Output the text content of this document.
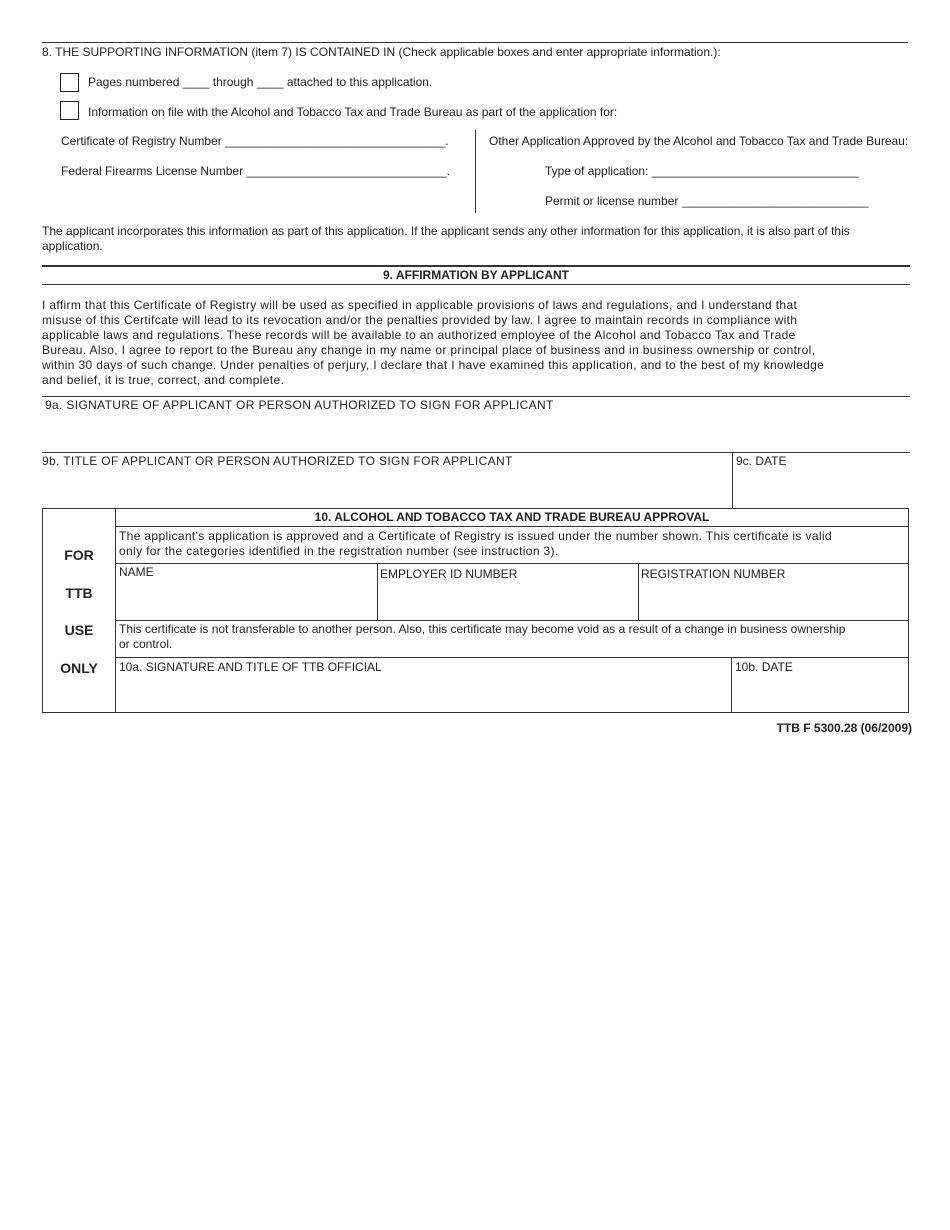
8. THE SUPPORTING INFORMATION (item 7) IS CONTAINED IN (Check applicable boxes and enter appropriate information.):
Pages numbered ____ through ____ attached to this application.
Information on file with the Alcohol and Tobacco Tax and Trade Bureau as part of the application for:
Certificate of Registry Number _________________________________.
Federal Firearms License Number ______________________________.
Other Application Approved by the Alcohol and Tobacco Tax and Trade Bureau:
Type of application: _______________________________
Permit or license number ____________________________
The applicant incorporates this information as part of this application. If the applicant sends any other information for this application, it is also part of this application.
9. AFFIRMATION BY APPLICANT
I affirm that this Certificate of Registry will be used as specified in applicable provisions of laws and regulations, and I understand that
misuse of this Certifcate will lead to its revocation and/or the penalties provided by law. I agree to maintain records in compliance with
applicable laws and regulations. These records will be available to an authorized employee of the Alcohol and Tobacco Tax and Trade
Bureau. Also, I agree to report to the Bureau any change in my name or principal place of business and in business ownership or control,
within 30 days of such change. Under penalties of perjury, I declare that I have examined this application, and to the best of my knowledge
and belief, it is true, correct, and complete.
9a. SIGNATURE OF APPLICANT OR PERSON AUTHORIZED TO SIGN FOR APPLICANT
9b. TITLE OF APPLICANT OR PERSON AUTHORIZED TO SIGN FOR APPLICANT	9c. DATE
FOR
TTB
USE
ONLY
10. ALCOHOL AND TOBACCO TAX AND TRADE BUREAU APPROVAL
The applicant's application is approved and a Certificate of Registry is issued under the number shown. This certificate is valid
only for the categories identified in the registration number (see instruction 3).
NAME	EMPLOYER ID NUMBER	REGISTRATION NUMBER
This certificate is not transferable to another person. Also, this certificate may become void as a result of a change in business ownership
or control.
10a. SIGNATURE AND TITLE OF TTB OFFICIAL	10b. DATE
TTB F 5300.28 (06/2009)
